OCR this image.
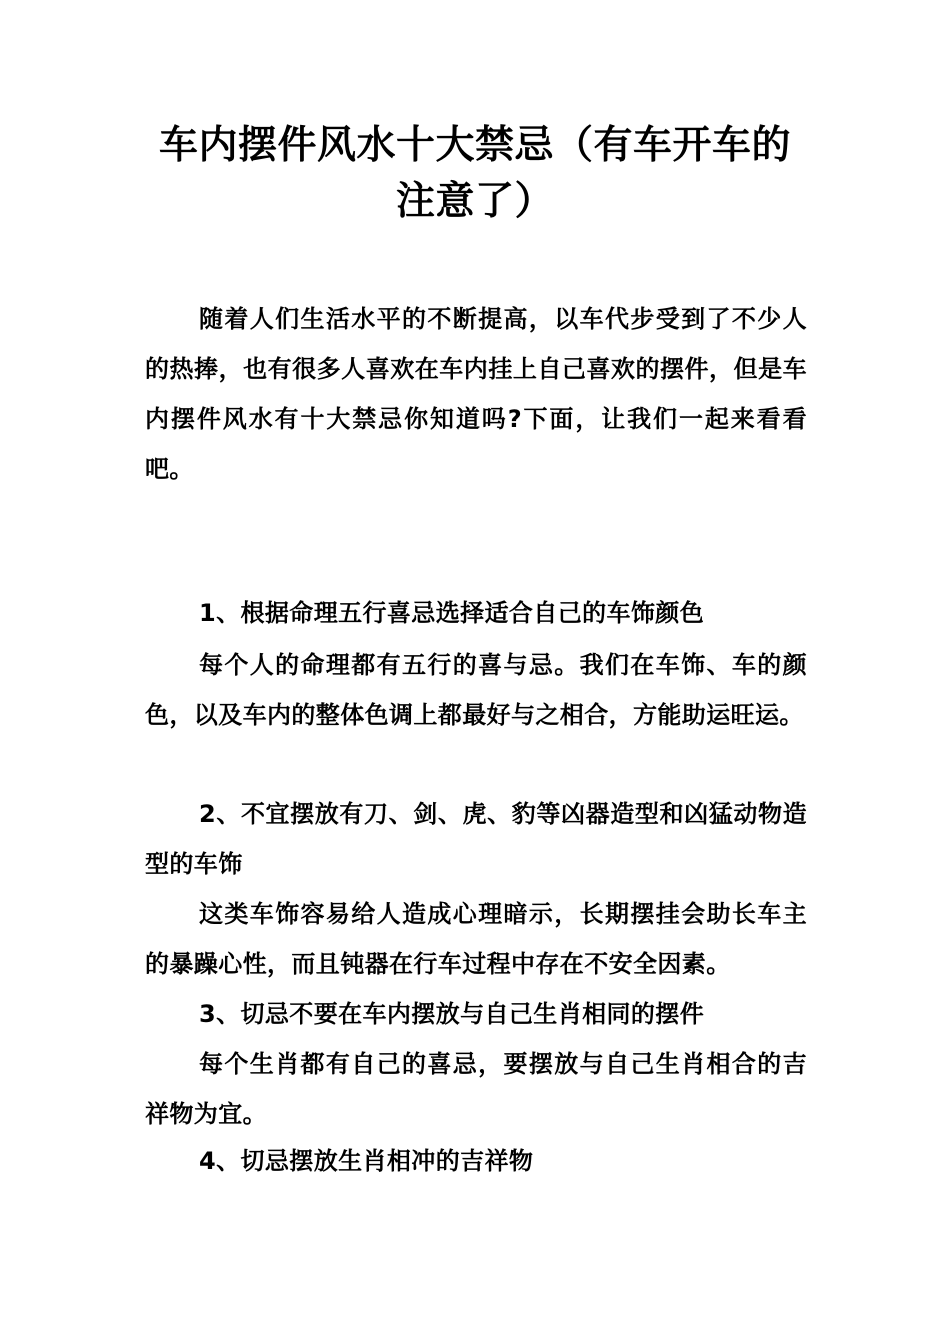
车内摆件风水十大禁忌（有车开车的注意了）

随着人们生活水平的不断提高，以车代步受到了不少人的热捧，也有很多人喜欢在车内挂上自己喜欢的摆件，但是车内摆件风水有十大禁忌你知道吗?下面，让我们一起来看看吧。

1、根据命理五行喜忌选择适合自己的车饰颜色

每个人的命理都有五行的喜与忌。我们在车饰、车的颜色，以及车内的整体色调上都最好与之相合，方能助运旺运。

2、不宜摆放有刀、剑、虎、豹等凶器造型和凶猛动物造型的车饰

这类车饰容易给人造成心理暗示，长期摆挂会助长车主的暴躁心性，而且钝器在行车过程中存在不安全因素。

3、切忌不要在车内摆放与自己生肖相同的摆件

每个生肖都有自己的喜忌，要摆放与自己生肖相合的吉祥物为宜。

4、切忌摆放生肖相冲的吉祥物
